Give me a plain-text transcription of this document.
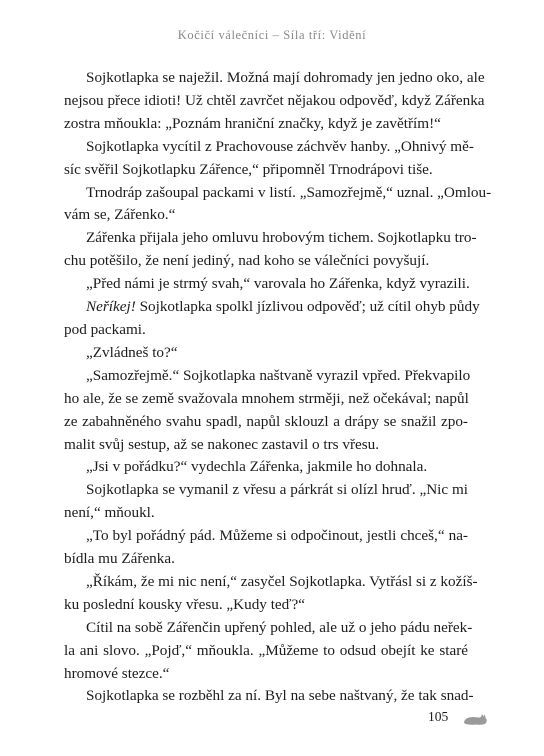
Kočičí válečníci – Síla tří: Vidění
Sojkotlapka se naježil. Možná mají dohromady jen jedno oko, ale
nejsou přece idioti! Už chtěl zavrčet nějakou odpověď, když Zářenka
zostra mňoukla: „Poznám hraniční značky, když je zavětřím!“
Sojkotlapka vycítil z Prachovouse záchvěv hanby. „Ohnivý mě-
síc svěřil Sojkotlapku Zářence,“ připomněl Trnodrápovi tiše.
Trnodráp zašoupal packami v listí. „Samozřejmě,“ uznal. „Omlou-
vám se, Zářenko.“
Zářenka přijala jeho omluvu hrobovým tichem. Sojkotlapku tro-
chu potěšilo, že není jediný, nad koho se válečníci povyšují.
„Před námi je strmý svah,“ varovala ho Zářenka, když vyrazili.
Neříkej! Sojkotlapka spolkl jízlivou odpověď; už cítil ohyb půdy
pod packami.
„Zvládneš to?“
„Samozřejmě.“ Sojkotlapka naštvaně vyrazil vpřed. Překvapilo
ho ale, že se země svažovala mnohem strměji, než očekával; napůl
ze zabahněného svahu spadl, napůl sklouzl a drápy se snažil zpo-
malit svůj sestup, až se nakonec zastavil o trs vřesu.
„Jsi v pořádku?“ vydechla Zářenka, jakmile ho dohnala.
Sojkotlapka se vymanil z vřesu a párkrát si olízl hruď. „Nic mi
není,“ mňoukl.
„To byl pořádný pád. Můžeme si odpočinout, jestli chceš,“ na-
bídla mu Zářenka.
„Říkám, že mi nic není,“ zasyčel Sojkotlapka. Vytřásl si z kožíš-
ku poslední kousky vřesu. „Kudy teď?“
Cítil na sobě Zářenčin upřený pohled, ale už o jeho pádu neřek-
la ani slovo. „Pojď,“ mňoukla. „Můžeme to odsud obejít ke staré
hromové stezce.“
Sojkotlapka se rozběhl za ní. Byl na sebe naštvaný, že tak snad-
105
